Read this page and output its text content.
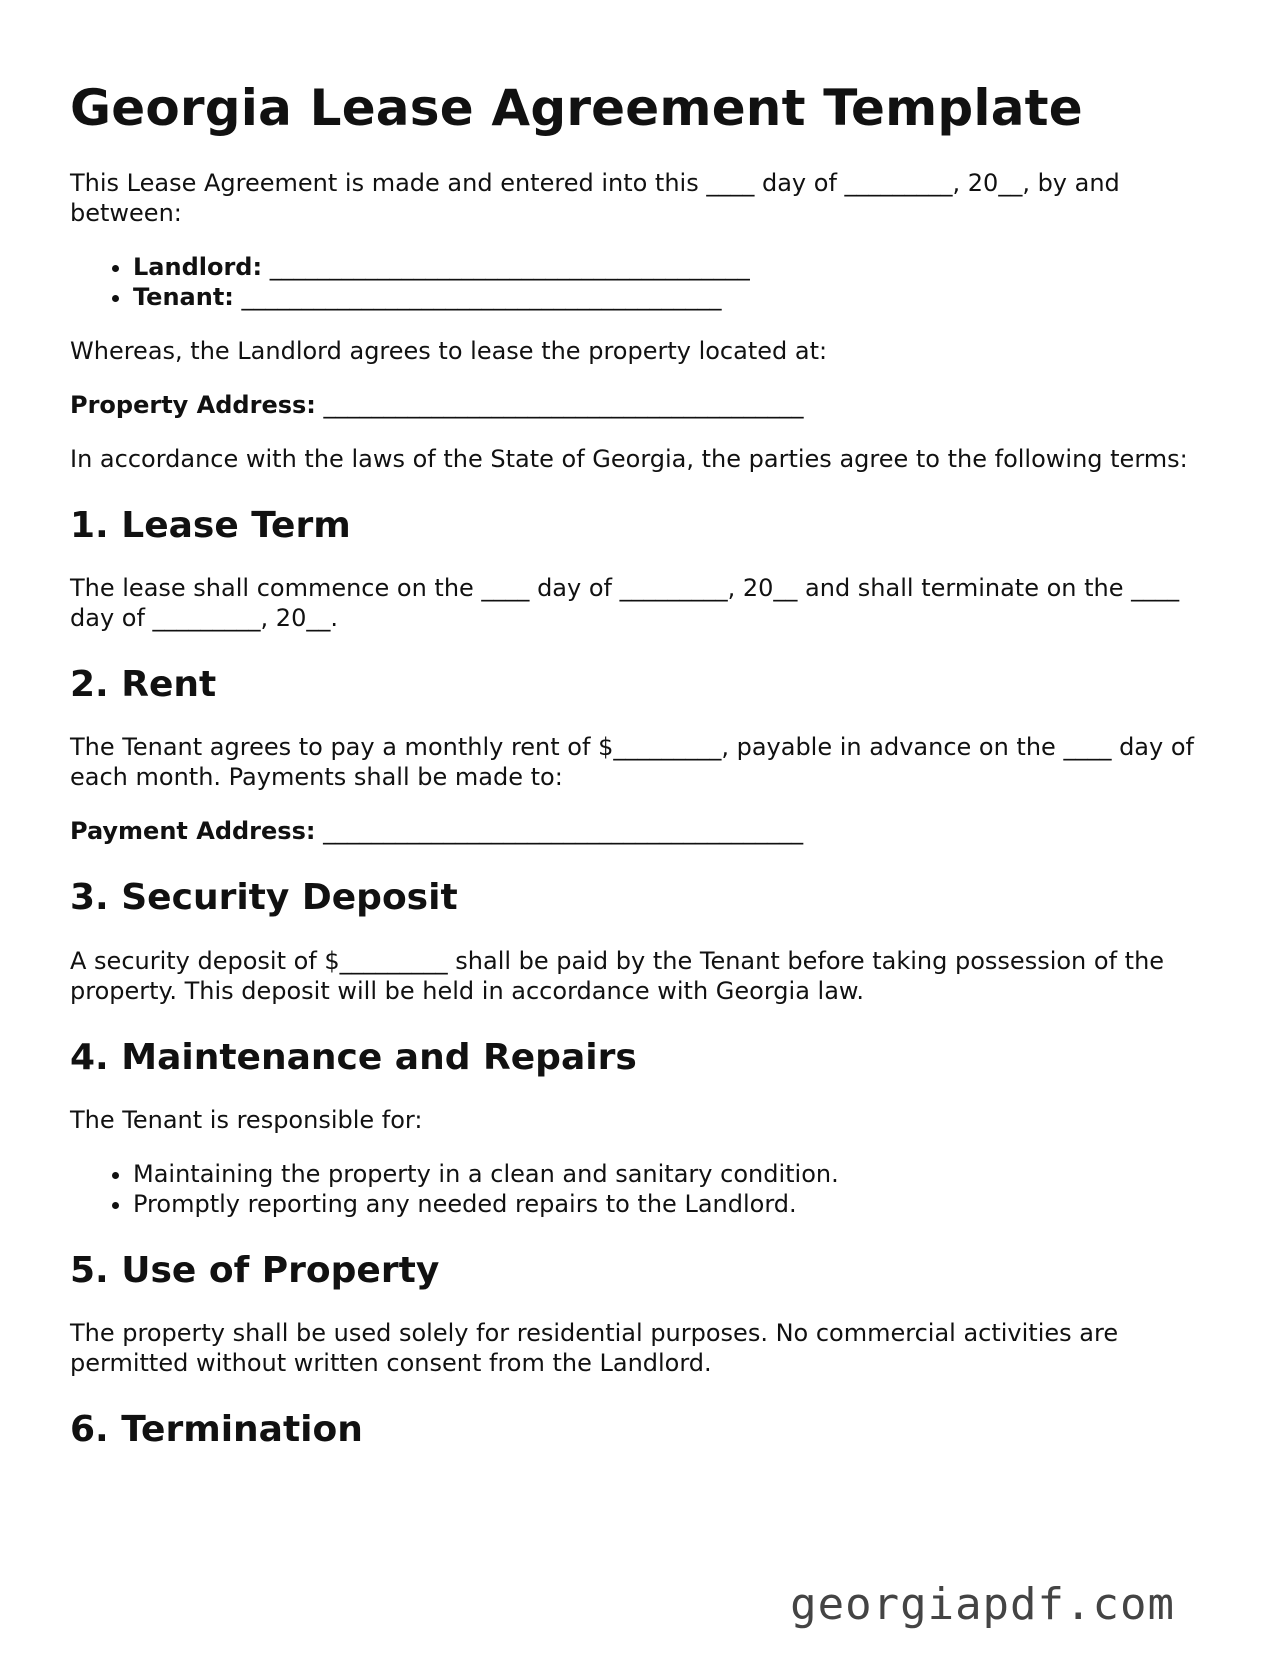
Georgia Lease Agreement Template

This Lease Agreement is made and entered into this ____ day of _________, 20__, by and between:

• Landlord: ________________________________________
• Tenant: ________________________________________

Whereas, the Landlord agrees to lease the property located at:

Property Address: ________________________________________

In accordance with the laws of the State of Georgia, the parties agree to the following terms:

1. Lease Term

The lease shall commence on the ____ day of _________, 20__ and shall terminate on the ____ day of _________, 20__.

2. Rent

The Tenant agrees to pay a monthly rent of $_________, payable in advance on the ____ day of each month. Payments shall be made to:

Payment Address: ________________________________________

3. Security Deposit

A security deposit of $_________ shall be paid by the Tenant before taking possession of the property. This deposit will be held in accordance with Georgia law.

4. Maintenance and Repairs

The Tenant is responsible for:

• Maintaining the property in a clean and sanitary condition.
• Promptly reporting any needed repairs to the Landlord.
5. Use of Property

The property shall be used solely for residential purposes. No commercial activities are permitted without written consent from the Landlord.

6. Termination
georgiapdf.com
